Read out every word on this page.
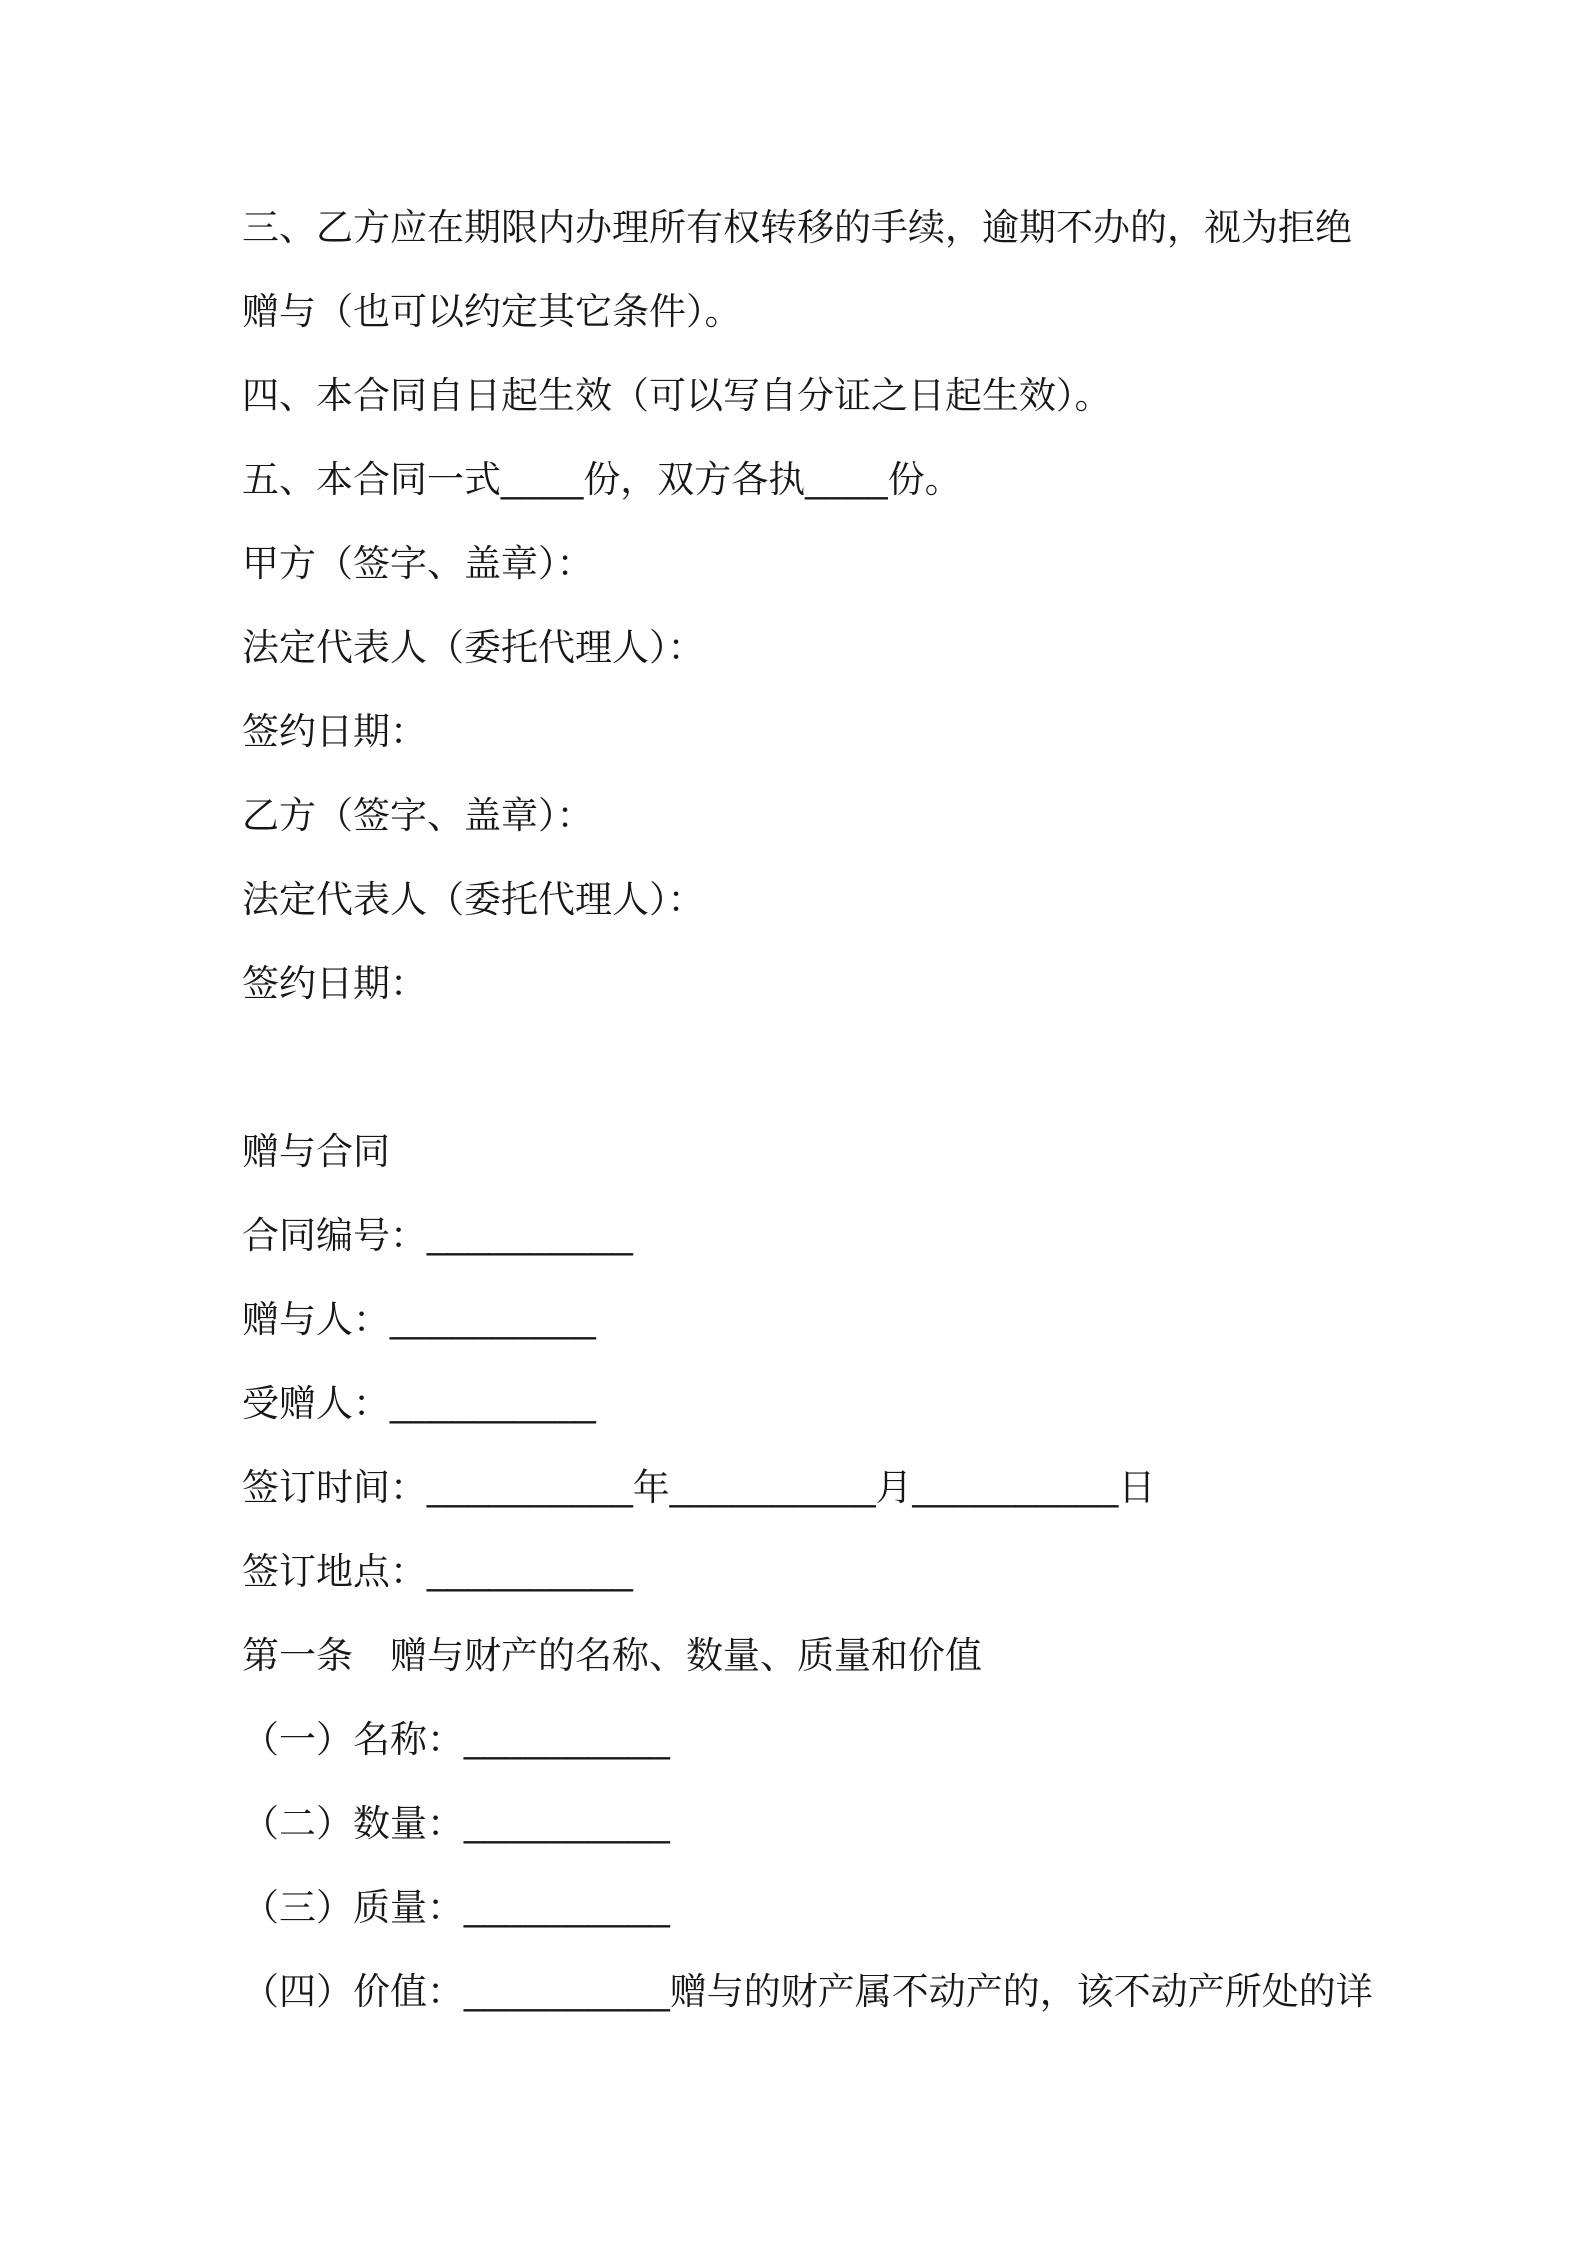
三、乙方应在期限内办理所有权转移的手续，逾期不办的，视为拒绝
赠与（也可以约定其它条件）。
四、本合同自日起生效（可以写自分证之日起生效）。
五、本合同一式____份，双方各执____份。
甲方（签字、盖章）：
法定代表人（委托代理人）：
签约日期：
乙方（签字、盖章）：
法定代表人（委托代理人）：
签约日期：
赠与合同
合同编号：__________
赠与人：__________
受赠人：__________
签订时间：__________年__________月__________日
签订地点：__________
第一条　赠与财产的名称、数量、质量和价值
（一）名称：__________
（二）数量：__________
（三）质量：__________
（四）价值：__________赠与的财产属不动产的，该不动产所处的详
